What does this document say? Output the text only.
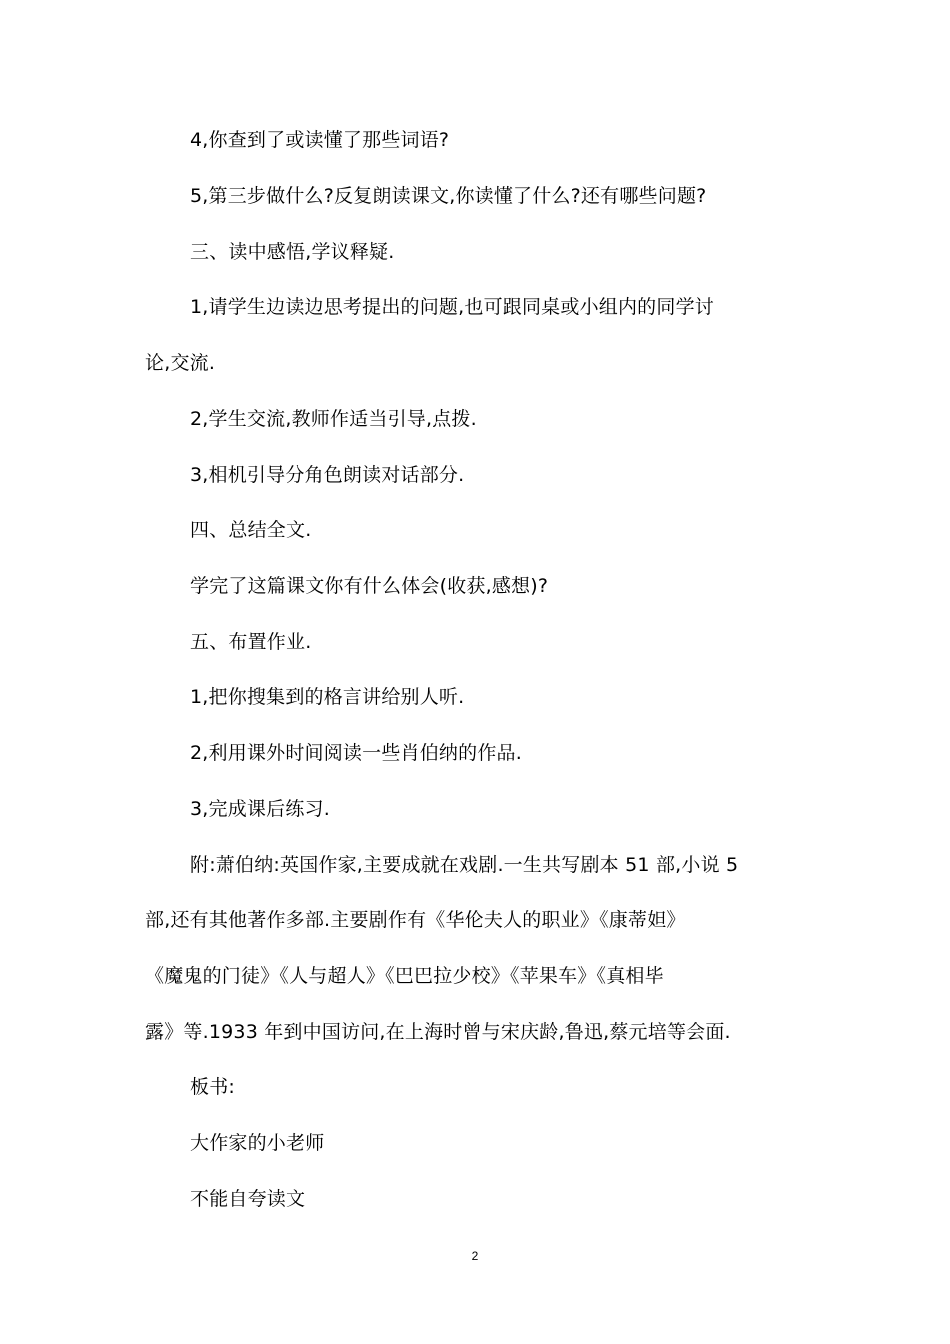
4,你查到了或读懂了那些词语?
5,第三步做什么?反复朗读课文,你读懂了什么?还有哪些问题?
三、读中感悟,学议释疑.
1,请学生边读边思考提出的问题,也可跟同桌或小组内的同学讨
论,交流.
2,学生交流,教师作适当引导,点拨.
3,相机引导分角色朗读对话部分.
四、总结全文.
学完了这篇课文你有什么体会(收获,感想)?
五、布置作业.
1,把你搜集到的格言讲给别人听.
2,利用课外时间阅读一些肖伯纳的作品.
3,完成课后练习.
附:萧伯纳:英国作家,主要成就在戏剧.一生共写剧本 51 部,小说 5
部,还有其他著作多部.主要剧作有《华伦夫人的职业》《康蒂妲》
《魔鬼的门徒》《人与超人》《巴巴拉少校》《苹果车》《真相毕
露》等.1933 年到中国访问,在上海时曾与宋庆龄,鲁迅,蔡元培等会面.
板书:
大作家的小老师
不能自夸读文
2
